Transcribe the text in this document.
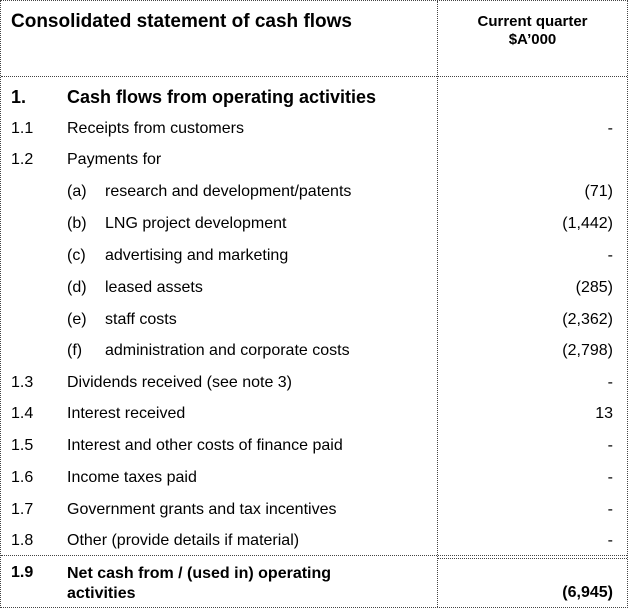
Consolidated statement of cash flows	Current quarter
$A’000
1. Cash flows from operating activities
1.1 Receipts from customers	-
1.2 Payments for
(a) research and development/patents	(71)
(b) LNG project development	(1,442)
(c) advertising and marketing	-
(d) leased assets	(285)
(e) staff costs	(2,362)
(f) administration and corporate costs	(2,798)
1.3 Dividends received (see note 3)	-
1.4 Interest received	13
1.5 Interest and other costs of finance paid	-
1.6 Income taxes paid	-
1.7 Government grants and tax incentives	-
1.8 Other (provide details if material)	-
1.9 Net cash from / (used in) operating activities	(6,945)
